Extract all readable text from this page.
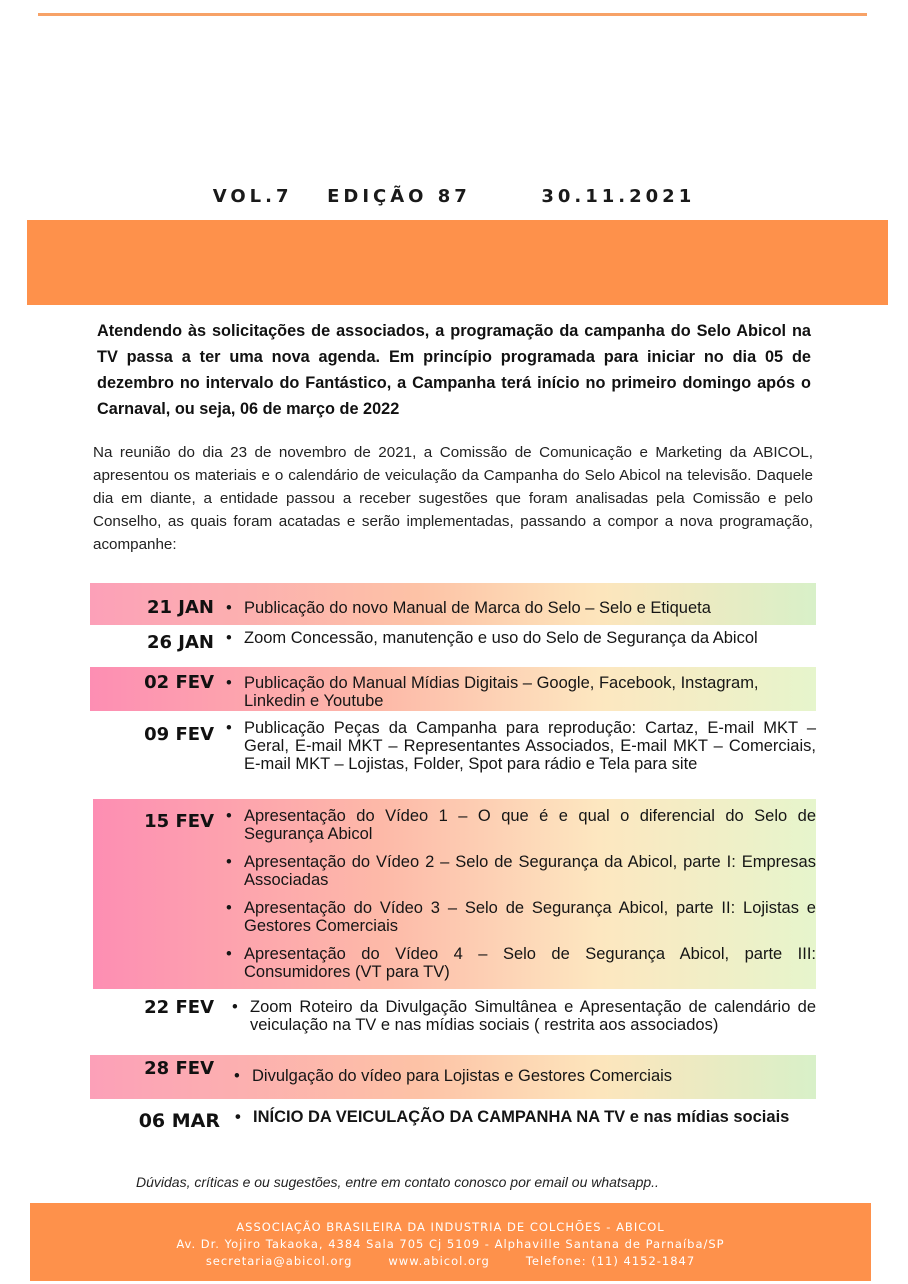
VOL.7 EDIÇÃO 87	30.11.2021
Atendendo às solicitações de associados, a programação da campanha do Selo Abicol na TV passa a ter uma nova agenda. Em princípio programada para iniciar no dia 05 de dezembro no intervalo do Fantástico, a Campanha terá início no primeiro domingo após o Carnaval, ou seja, 06 de março de 2022
Na reunião do dia 23 de novembro de 2021, a Comissão de Comunicação e Marketing da ABICOL, apresentou os materiais e o calendário de veiculação da Campanha do Selo Abicol na televisão. Daquele dia em diante, a entidade passou a receber sugestões que foram analisadas pela Comissão e pelo Conselho, as quais foram acatadas e serão implementadas, passando a compor a nova programação, acompanhe:
21 JAN • Publicação do novo Manual de Marca do Selo – Selo e Etiqueta
26 JAN • Zoom Concessão, manutenção e uso do Selo de Segurança da Abicol
02 FEV • Publicação do Manual Mídias Digitais – Google, Facebook, Instagram, Linkedin e Youtube
09 FEV • Publicação Peças da Campanha para reprodução: Cartaz, E-mail MKT – Geral, E-mail MKT – Representantes Associados, E-mail MKT – Comerciais, E-mail MKT – Lojistas, Folder, Spot para rádio e Tela para site
15 FEV • Apresentação do Vídeo 1 – O que é e qual o diferencial do Selo de Segurança Abicol
• Apresentação do Vídeo 2 – Selo de Segurança da Abicol, parte I: Empresas Associadas
• Apresentação do Vídeo 3 – Selo de Segurança Abicol, parte II: Lojistas e Gestores Comerciais
• Apresentação do Vídeo 4 – Selo de Segurança Abicol, parte III: Consumidores (VT para TV)
22 FEV • Zoom Roteiro da Divulgação Simultânea e Apresentação de calendário de veiculação na TV e nas mídias sociais ( restrita aos associados)
28 FEV • Divulgação do vídeo para Lojistas e Gestores Comerciais
06 MAR • INÍCIO DA VEICULAÇÃO DA CAMPANHA NA TV e nas mídias sociais
Dúvidas, críticas e ou sugestões, entre em contato conosco por email ou whatsapp..
ASSOCIAÇÃO BRASILEIRA DA INDUSTRIA DE COLCHÕES - ABICOL
Av. Dr. Yojiro Takaoka, 4384 Sala 705 Cj 5109 - Alphaville Santana de Parnaíba/SP
secretaria@abicol.org	www.abicol.org	Telefone: (11) 4152-1847
